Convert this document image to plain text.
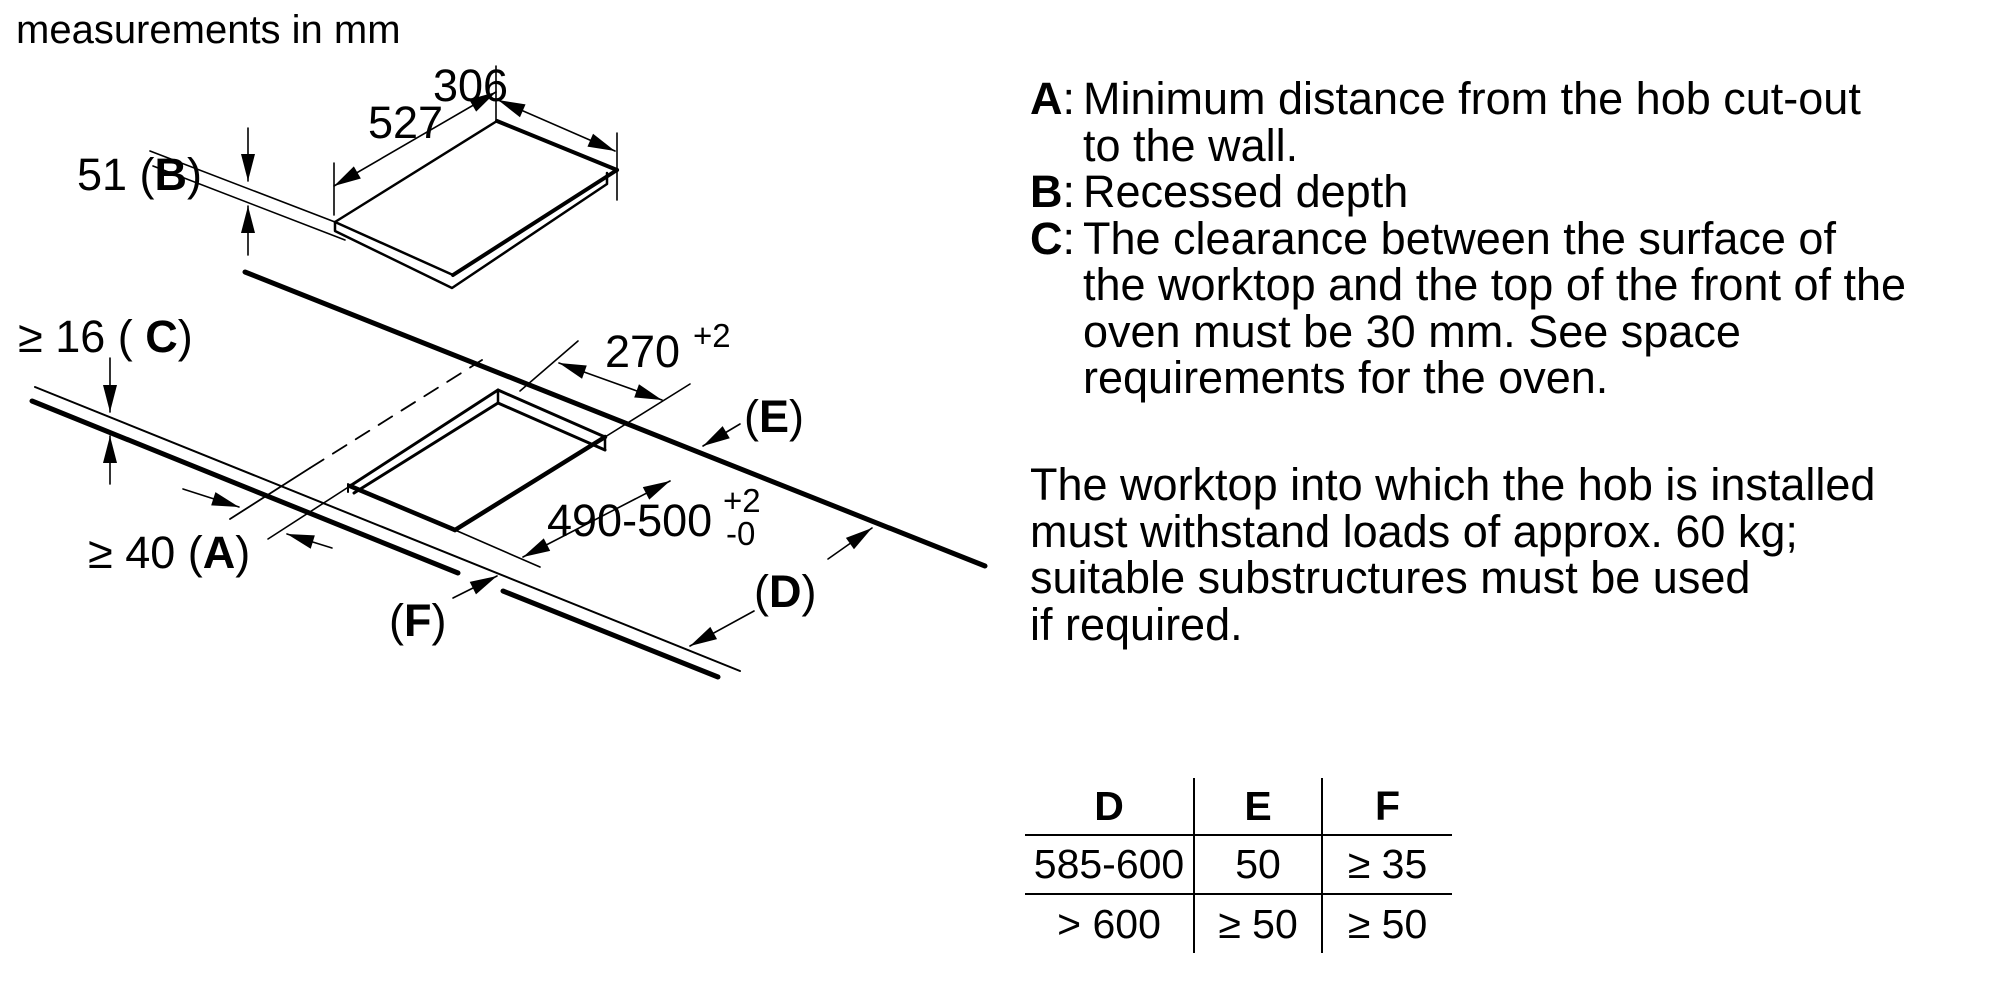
measurements in mm
527
306
51 (B)
≥ 16 ( C)
≥ 40 (A)
270 +2
490-500 +2
-0
(E)
(D)
(F)
A: Minimum distance from the hob cut-out
to the wall.
B: Recessed depth
C: The clearance between the surface of
the worktop and the top of the front of the
oven must be 30 mm. See space
requirements for the oven.
The worktop into which the hob is installed
must withstand loads of approx. 60 kg;
suitable substructures must be used
if required.
D	E	F
585-600	50	≥ 35
> 600	≥ 50	≥ 50
